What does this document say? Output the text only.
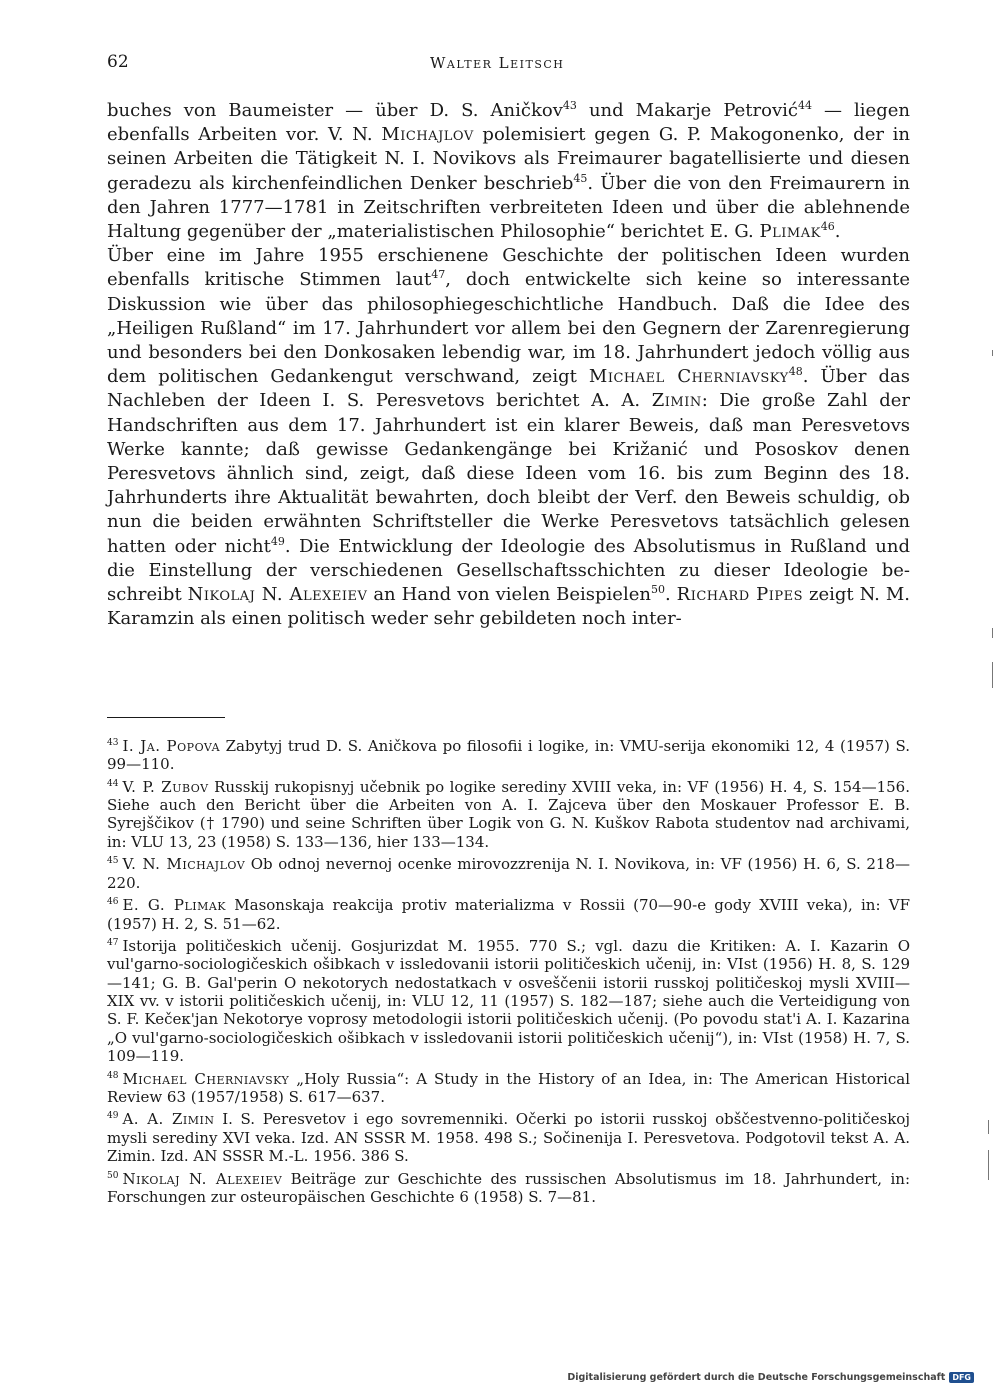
62	Walter Leitsch

buches von Baumeister — über D. S. Aničkov$^{43}$ und Makarje Petrović$^{44}$ — liegen ebenfalls Arbeiten vor. V. N. Michajlov polemisiert gegen G. P. Makogonenko, der in seinen Arbeiten die Tätigkeit N. I. Novikovs als Freimaurer bagatellisierte und diesen geradezu als kirchenfeindlichen Denker beschrieb$^{45}$. Über die von den Freimaurern in den Jahren 1777—1781 in Zeitschriften verbreiteten Ideen und über die ablehnende Haltung gegenüber der „materialistischen Philosophie“ berichtet E. G. Plimak$^{46}$.

Über eine im Jahre 1955 erschienene Geschichte der politischen Ideen wurden ebenfalls kritische Stimmen laut$^{47}$, doch entwickelte sich keine so interessante Diskussion wie über das philosophiegeschichtliche Handbuch. Daß die Idee des „Heiligen Rußland“ im 17. Jahrhundert vor allem bei den Gegnern der Zarenregierung und besonders bei den Donkosaken lebendig war, im 18. Jahrhundert jedoch völlig aus dem politischen Gedankengut verschwand, zeigt Michael Cherniavsky$^{48}$. Über das Nachleben der Ideen I. S. Peresvetovs berichtet A. A. Zimin: Die große Zahl der Handschriften aus dem 17. Jahrhundert ist ein klarer Beweis, daß man Peresvetovs Werke kannte; daß gewisse Gedankengänge bei Križanić und Pososkov denen Peresvetovs ähnlich sind, zeigt, daß diese Ideen vom 16. bis zum Beginn des 18. Jahrhunderts ihre Aktualität bewahrten, doch bleibt der Verf. den Beweis schuldig, ob nun die beiden erwähnten Schriftsteller die Werke Peresvetovs tatsächlich gelesen hatten oder nicht$^{49}$. Die Entwicklung der Ideologie des Absolutismus in Rußland und die Einstellung der verschiedenen Gesellschaftsschichten zu dieser Ideologie beschreibt Nikolaj N. Alexeiev an Hand von vielen Beispielen$^{50}$. Richard Pipes zeigt N. M. Karamzin als einen politisch weder sehr gebildeten noch inter-

$^{43}$ I. Ja. Popova Zabytyj trud D. S. Aničkova po filosofii i logike, in: VMU-serija ekonomiki 12, 4 (1957) S. 99—110.

$^{44}$ V. P. Zubov Russkij rukopisnyj učebnik po logike serediny XVIII veka, in: VF (1956) H. 4, S. 154—156. Siehe auch den Bericht über die Arbeiten von A. I. Zajceva über den Moskauer Professor E. B. Syrejščikov († 1790) und seine Schriften über Logik von G. N. Kuškov Rabota studentov nad archivami, in: VLU 13, 23 (1958) S. 133—136, hier 133—134.

$^{45}$ V. N. Michajlov Ob odnoj nevernoj ocenke mirovozzrenija N. I. Novikova, in: VF (1956) H. 6, S. 218—220.

$^{46}$ E. G. Plimak Masonskaja reakcija protiv materializma v Rossii (70—90-e gody XVIII veka), in: VF (1957) H. 2, S. 51—62.

$^{47}$ Istorija političeskich učenij. Gosjurizdat M. 1955. 770 S.; vgl. dazu die Kritiken: A. I. Kazarin O vul'garno-sociologičeskich ošibkach v issledovanii istorii političeskich učenij, in: VIst (1956) H. 8, S. 129—141; G. B. Gal'perin O nekotorych nedostatkach v osveščenii istorii russkoj političeskoj mysli XVIII—XIX vv. v istorii političeskich učenij, in: VLU 12, 11 (1957) S. 182—187; siehe auch die Verteidigung von S. F. Kečeк'jan Nekotorye voprosy metodologii istorii političeskich učenij. (Po povodu stat'i A. I. Kazarina „O vul'garno-sociologičeskich ošibkach v issledovanii istorii političeskich učenij“), in: VIst (1958) H. 7, S. 109—119.

$^{48}$ Michael Cherniavsky „Holy Russia“: A Study in the History of an Idea, in: The American Historical Review 63 (1957/1958) S. 617—637.

$^{49}$ A. A. Zimin I. S. Peresvetov i ego sovremenniki. Očerki po istorii russkoj obščestvenno-političeskoj mysli serediny XVI veka. Izd. AN SSSR M. 1958. 498 S.; Sočinenija I. Peresvetova. Podgotovil tekst A. A. Zimin. Izd. AN SSSR M.-L. 1956. 386 S.

$^{50}$ Nikolaj N. Alexeiev Beiträge zur Geschichte des russischen Absolutismus im 18. Jahrhundert, in: Forschungen zur osteuropäischen Geschichte 6 (1958) S. 7—81.

Digitalisierung gefördert durch die Deutsche Forschungsgemeinschaft DFG
